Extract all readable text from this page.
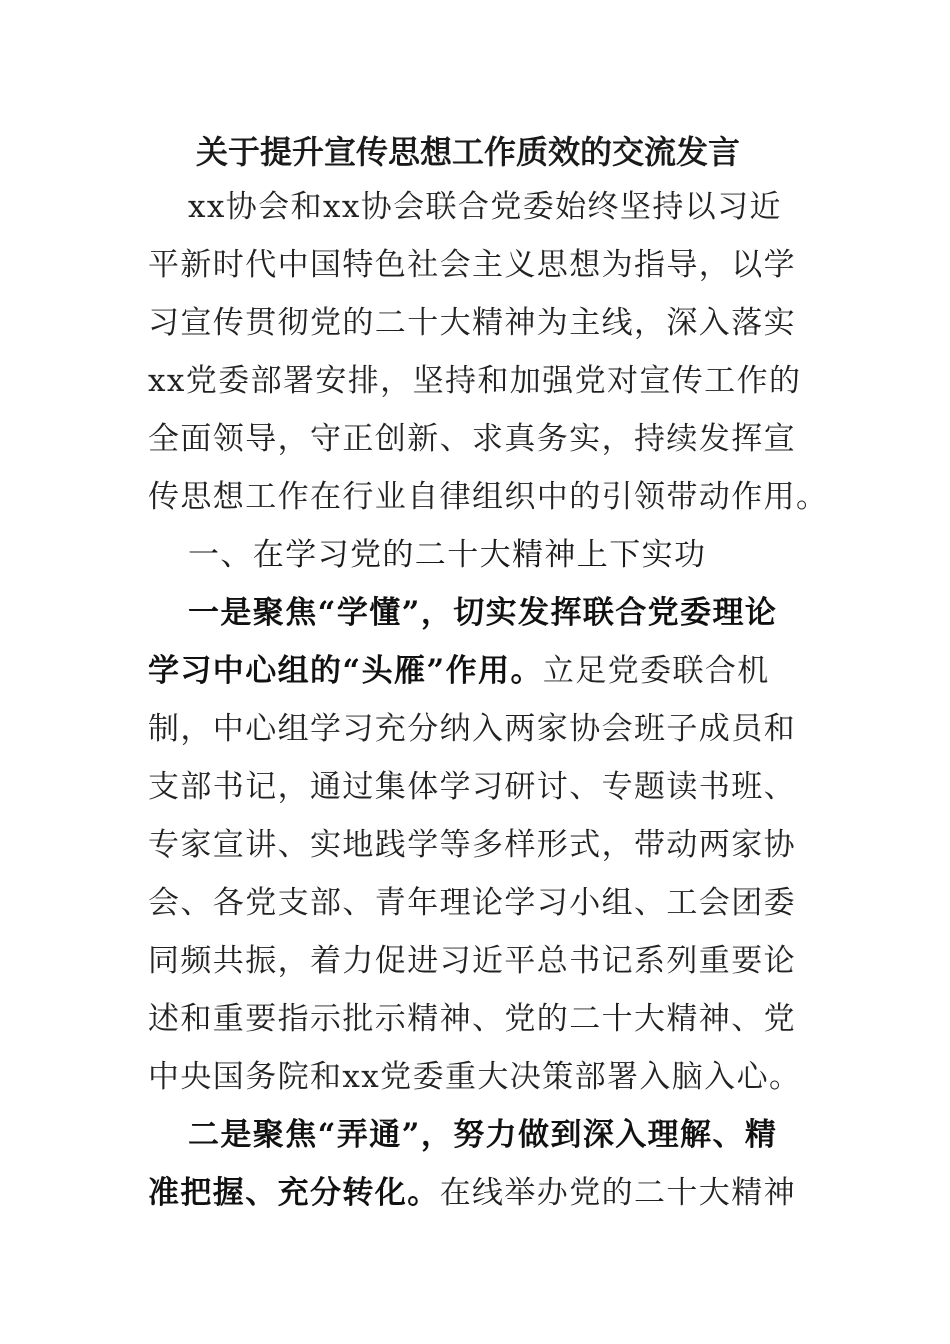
关于提升宣传思想工作质效的交流发言
xx协会和xx协会联合党委始终坚持以习近
平新时代中国特色社会主义思想为指导，以学
习宣传贯彻党的二十大精神为主线，深入落实
xx党委部署安排，坚持和加强党对宣传工作的
全面领导，守正创新、求真务实，持续发挥宣
传思想工作在行业自律组织中的引领带动作用。
一、在学习党的二十大精神上下实功
一是聚焦“学懂”，切实发挥联合党委理论
学习中心组的“头雁”作用。立足党委联合机
制，中心组学习充分纳入两家协会班子成员和
支部书记，通过集体学习研讨、专题读书班、
专家宣讲、实地践学等多样形式，带动两家协
会、各党支部、青年理论学习小组、工会团委
同频共振，着力促进习近平总书记系列重要论
述和重要指示批示精神、党的二十大精神、党
中央国务院和xx党委重大决策部署入脑入心。
二是聚焦“弄通”，努力做到深入理解、精
准把握、充分转化。在线举办党的二十大精神
